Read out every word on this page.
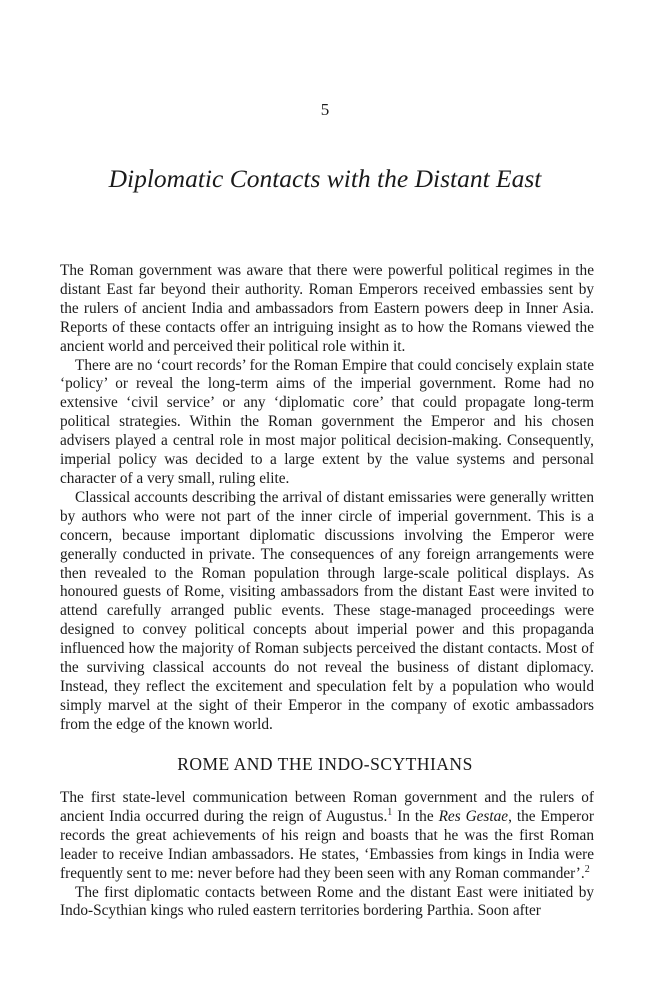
5
Diplomatic Contacts with the Distant East

The Roman government was aware that there were powerful political regimes in the distant East far beyond their authority. Roman Emperors received embassies sent by the rulers of ancient India and ambassadors from Eastern powers deep in Inner Asia. Reports of these contacts offer an intriguing insight as to how the Romans viewed the ancient world and perceived their political role within it.

There are no ‘court records’ for the Roman Empire that could concisely explain state ‘policy’ or reveal the long-term aims of the imperial government. Rome had no extensive ‘civil service’ or any ‘diplomatic core’ that could propagate long-term political strategies. Within the Roman government the Emperor and his chosen advisers played a central role in most major political decision-making. Consequently, imperial policy was decided to a large extent by the value systems and personal character of a very small, ruling elite.

Classical accounts describing the arrival of distant emissaries were generally written by authors who were not part of the inner circle of imperial government. This is a concern, because important diplomatic discussions involving the Emperor were generally conducted in private. The consequences of any foreign arrangements were then revealed to the Roman population through large-scale political displays. As honoured guests of Rome, visiting ambassadors from the distant East were invited to attend carefully arranged public events. These stage-managed proceedings were designed to convey political concepts about imperial power and this propaganda influenced how the majority of Roman subjects perceived the distant contacts. Most of the surviving classical accounts do not reveal the business of distant diplomacy. Instead, they reflect the excitement and speculation felt by a population who would simply marvel at the sight of their Emperor in the company of exotic ambassadors from the edge of the known world.

ROME AND THE INDO-SCYTHIANS

The first state-level communication between Roman government and the rulers of ancient India occurred during the reign of Augustus.$^1$ In the Res Gestae, the Emperor records the great achievements of his reign and boasts that he was the first Roman leader to receive Indian ambassadors. He states, ‘Embassies from kings in India were frequently sent to me: never before had they been seen with any Roman commander’.$^2$

The first diplomatic contacts between Rome and the distant East were initiated by Indo-Scythian kings who ruled eastern territories bordering Parthia. Soon after
